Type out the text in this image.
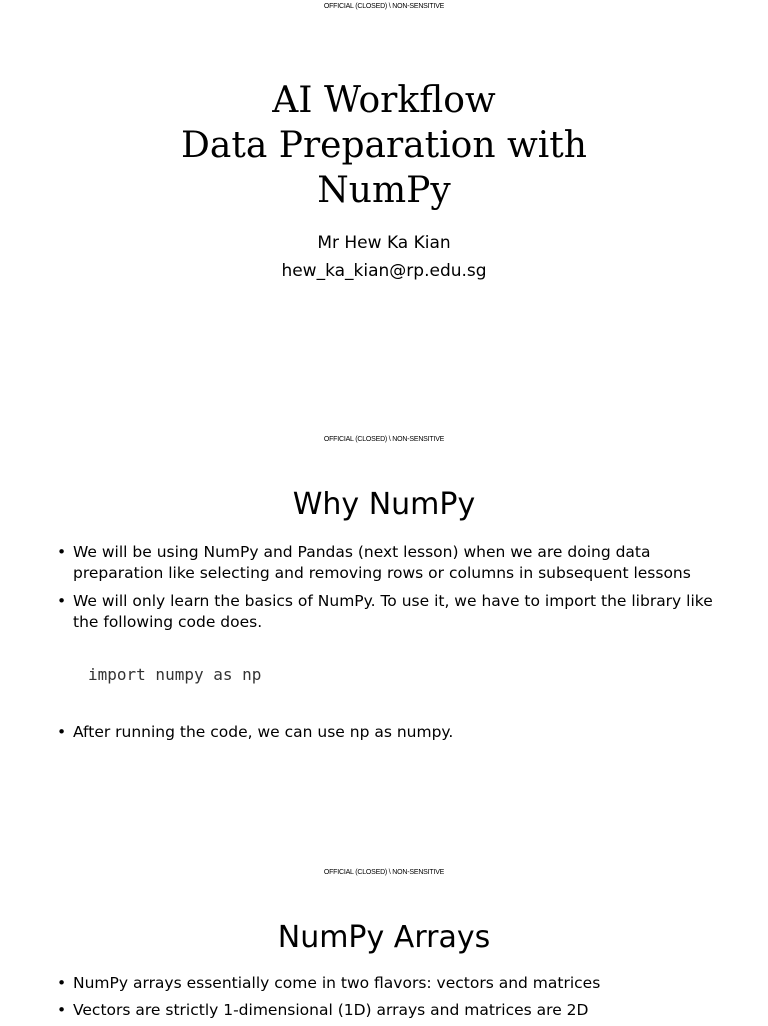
OFFICIAL (CLOSED) \ NON-SENSITIVE
AI Workflow
Data Preparation with
NumPy
Mr Hew Ka Kian
hew_ka_kian@rp.edu.sg
OFFICIAL (CLOSED) \ NON-SENSITIVE
Why NumPy
• We will be using NumPy and Pandas (next lesson) when we are doing data preparation like selecting and removing rows or columns in subsequent lessons
• We will only learn the basics of NumPy. To use it, we have to import the library like the following code does.
import numpy as np
• After running the code, we can use np as numpy.
OFFICIAL (CLOSED) \ NON-SENSITIVE
NumPy Arrays
• NumPy arrays essentially come in two flavors: vectors and matrices
• Vectors are strictly 1-dimensional (1D) arrays and matrices are 2D
